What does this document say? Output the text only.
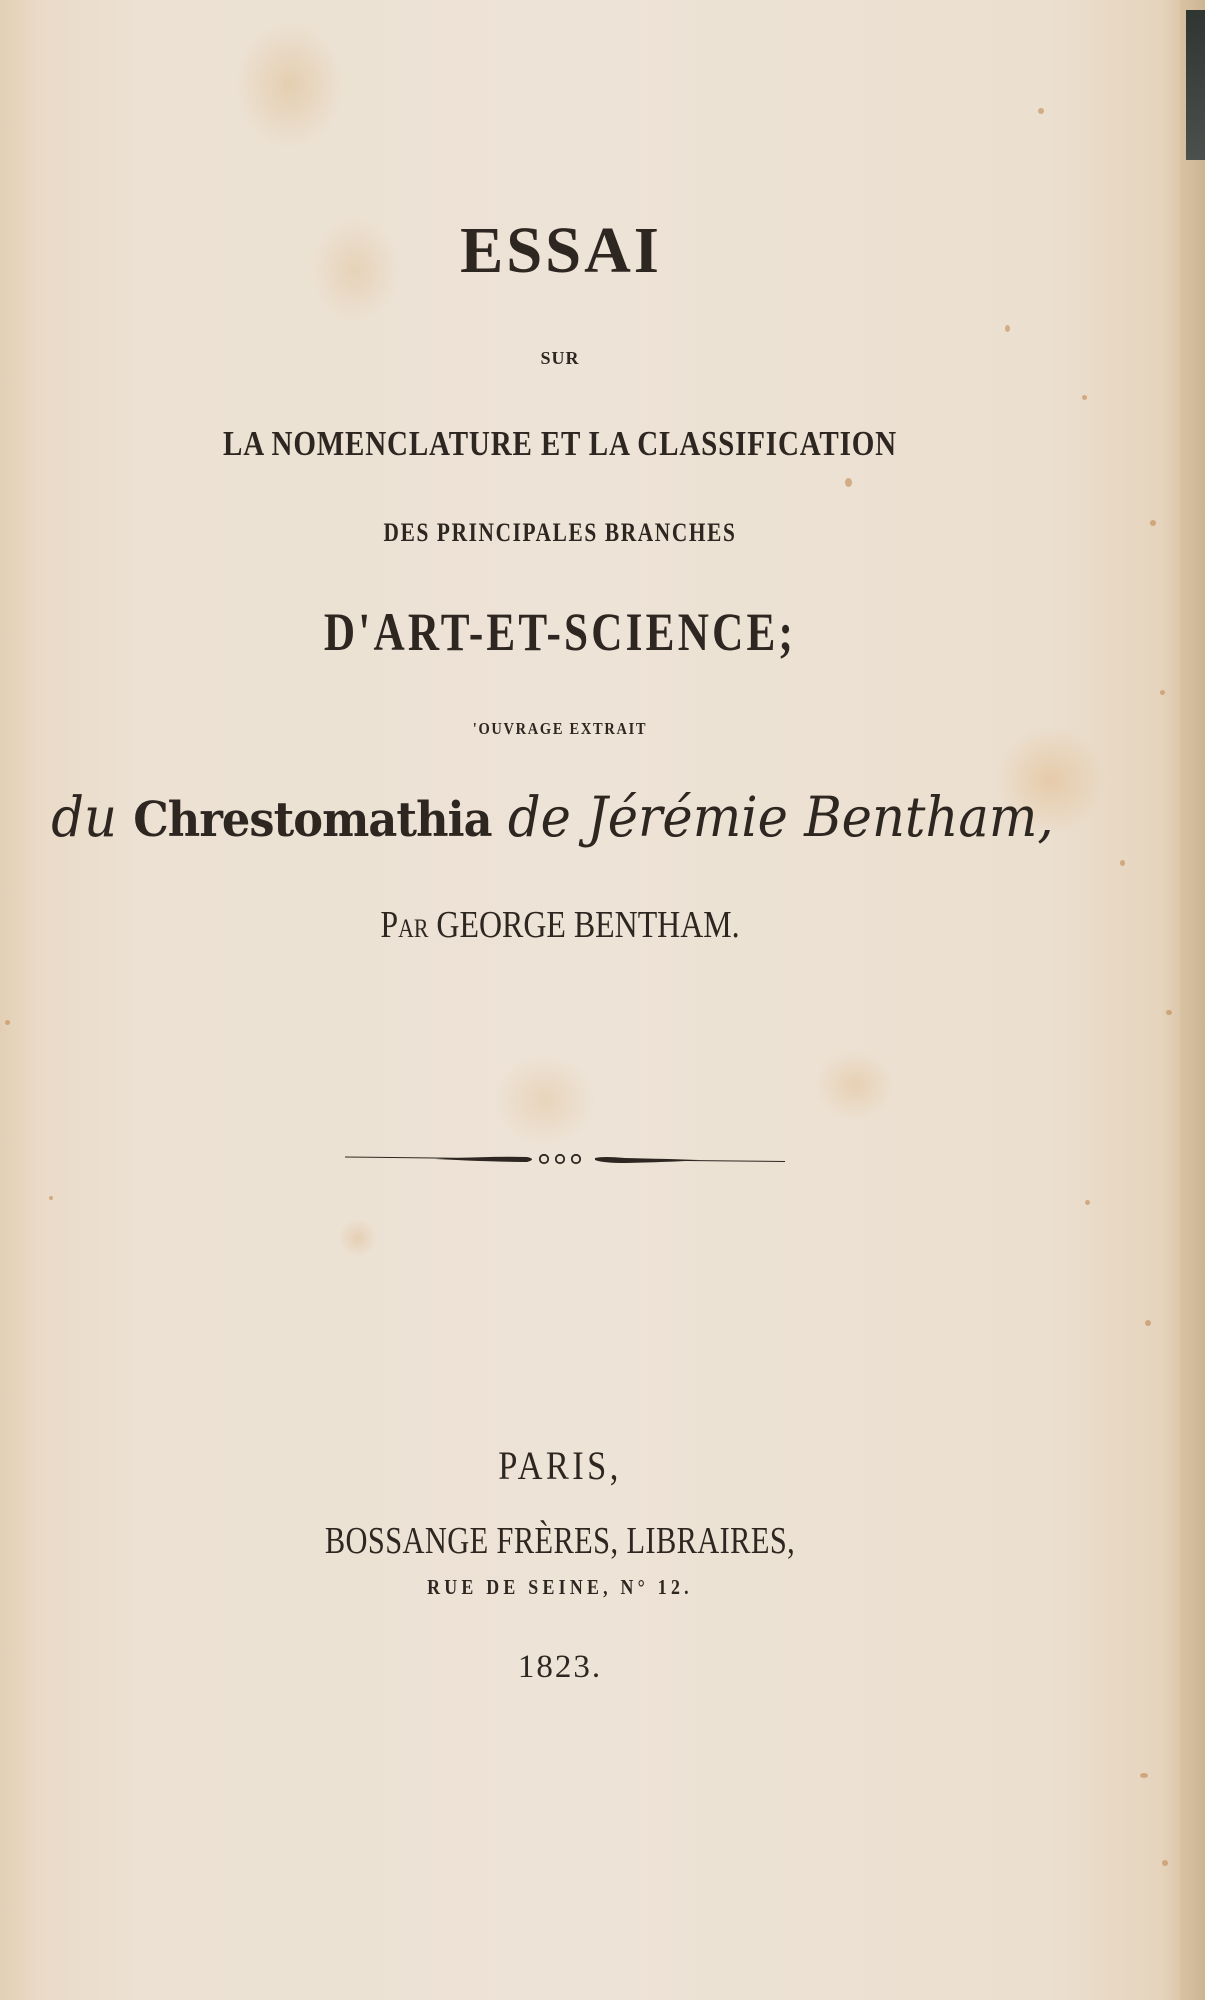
ESSAI
SUR
LA NOMENCLATURE ET LA CLASSIFICATION
DES PRINCIPALES BRANCHES
D'ART-ET-SCIENCE;
'OUVRAGE EXTRAIT
du Chrestomathia de Jérémie Bentham,
PAR GEORGE BENTHAM.
PARIS,
BOSSANGE FRÈRES, LIBRAIRES,
RUE DE SEINE, N° 12.
1823.
